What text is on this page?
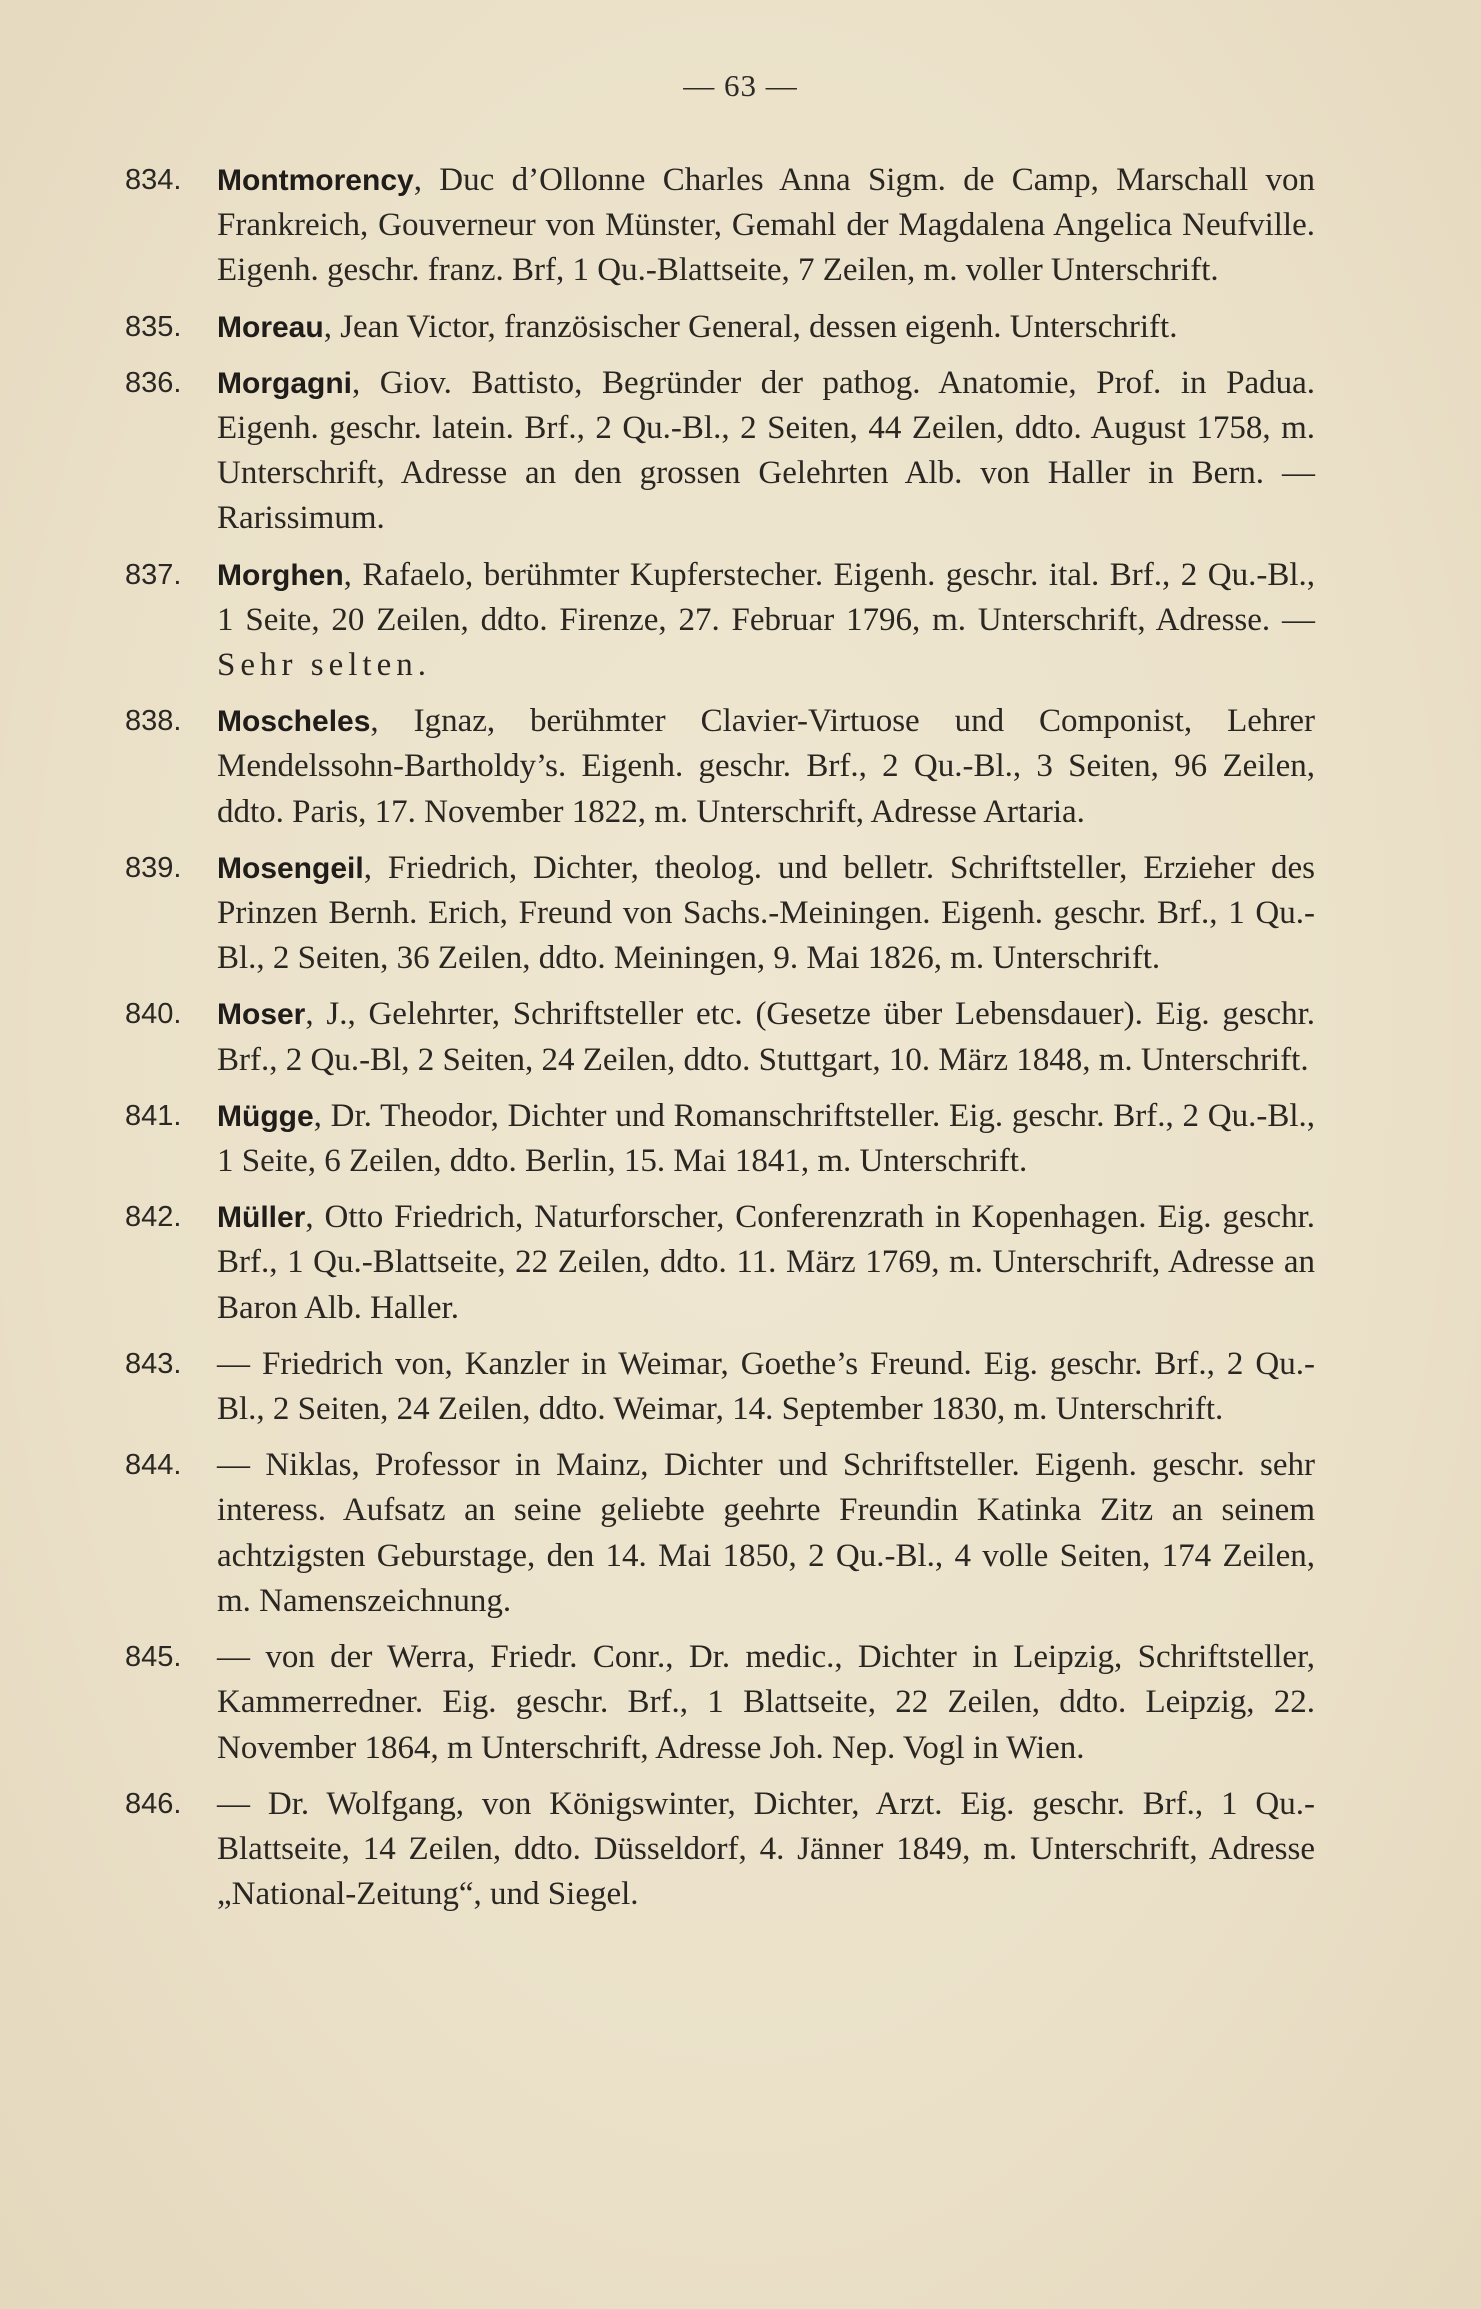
— 63 —
834. Montmorency, Duc d’Ollonne Charles Anna Sigm. de Camp, Marschall von Frankreich, Gouverneur von Münster, Gemahl der Magdalena Angelica Neufville. Eigenh. geschr. franz. Brf, 1 Qu.-Blattseite, 7 Zeilen, m. voller Unterschrift.
835. Moreau, Jean Victor, französischer General, dessen eigenh. Unterschrift.
836. Morgagni, Giov. Battisto, Begründer der pathog. Anatomie, Prof. in Padua. Eigenh. geschr. latein. Brf., 2 Qu.-Bl., 2 Seiten, 44 Zeilen, ddto. August 1758, m. Unterschrift, Adresse an den grossen Gelehrten Alb. von Haller in Bern. — Rarissimum.
837. Morghen, Rafaelo, berühmter Kupferstecher. Eigenh. geschr. ital. Brf., 2 Qu.-Bl., 1 Seite, 20 Zeilen, ddto. Firenze, 27. Februar 1796, m. Unterschrift, Adresse. — Sehr selten.
838. Moscheles, Ignaz, berühmter Clavier-Virtuose und Componist, Lehrer Mendelssohn-Bartholdy’s. Eigenh. geschr. Brf., 2 Qu.-Bl., 3 Seiten, 96 Zeilen, ddto. Paris, 17. November 1822, m. Unterschrift, Adresse Artaria.
839. Mosengeil, Friedrich, Dichter, theolog. und belletr. Schriftsteller, Erzieher des Prinzen Bernh. Erich, Freund von Sachs.-Meiningen. Eigenh. geschr. Brf., 1 Qu.-Bl., 2 Seiten, 36 Zeilen, ddto. Meiningen, 9. Mai 1826, m. Unterschrift.
840. Moser, J., Gelehrter, Schriftsteller etc. (Gesetze über Lebensdauer). Eig. geschr. Brf., 2 Qu.-Bl, 2 Seiten, 24 Zeilen, ddto. Stuttgart, 10. März 1848, m. Unterschrift.
841. Mügge, Dr. Theodor, Dichter und Romanschriftsteller. Eig. geschr. Brf., 2 Qu.-Bl., 1 Seite, 6 Zeilen, ddto. Berlin, 15. Mai 1841, m. Unterschrift.
842. Müller, Otto Friedrich, Naturforscher, Conferenzrath in Kopenhagen. Eig. geschr. Brf., 1 Qu.-Blattseite, 22 Zeilen, ddto. 11. März 1769, m. Unterschrift, Adresse an Baron Alb. Haller.
843. — Friedrich von, Kanzler in Weimar, Goethe’s Freund. Eig. geschr. Brf., 2 Qu.-Bl., 2 Seiten, 24 Zeilen, ddto. Weimar, 14. September 1830, m. Unterschrift.
844. — Niklas, Professor in Mainz, Dichter und Schriftsteller. Eigenh. geschr. sehr interess. Aufsatz an seine geliebte geehrte Freundin Katinka Zitz an seinem achtzigsten Geburstage, den 14. Mai 1850, 2 Qu.-Bl., 4 volle Seiten, 174 Zeilen, m. Namenszeichnung.
845. — von der Werra, Friedr. Conr., Dr. medic., Dichter in Leipzig, Schriftsteller, Kammerredner. Eig. geschr. Brf., 1 Blattseite, 22 Zeilen, ddto. Leipzig, 22. November 1864, m Unterschrift, Adresse Joh. Nep. Vogl in Wien.
846. — Dr. Wolfgang, von Königswinter, Dichter, Arzt. Eig. geschr. Brf., 1 Qu.-Blattseite, 14 Zeilen, ddto. Düsseldorf, 4. Jänner 1849, m. Unterschrift, Adresse „National-Zeitung“, und Siegel.
